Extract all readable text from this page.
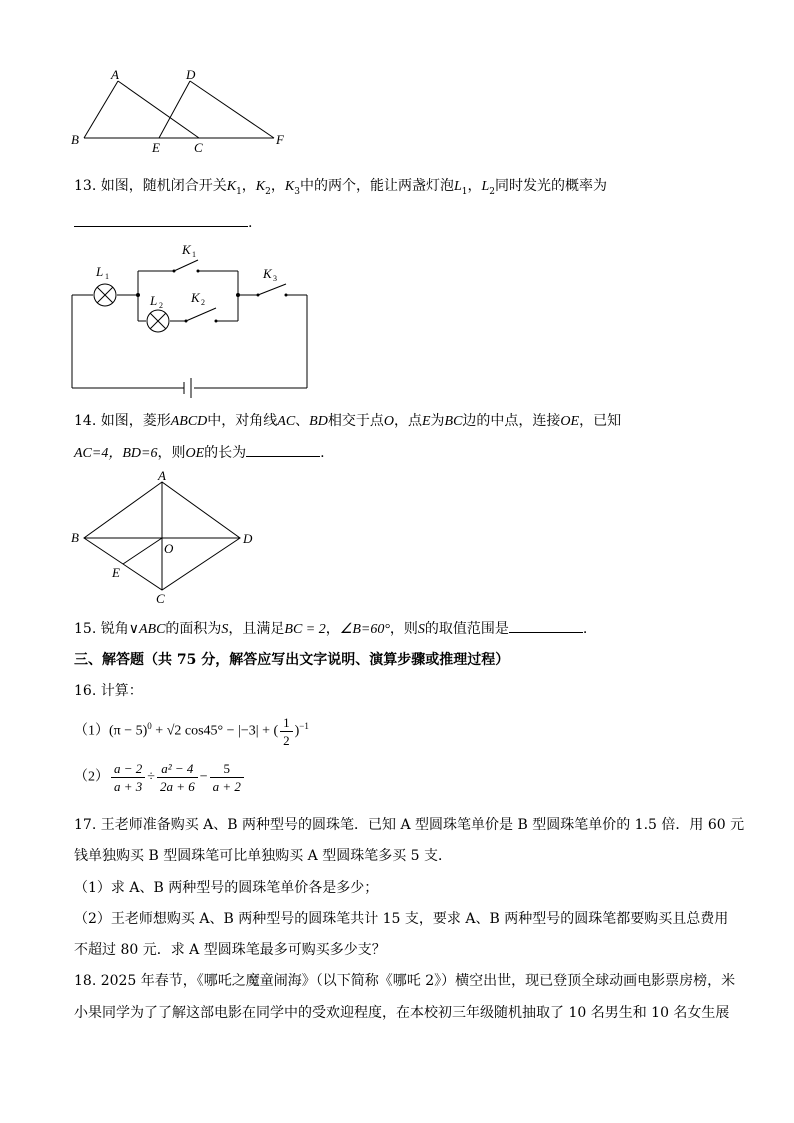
A	D
B
E	C
F
13. 如图，随机闭合开关$K_1$，$K_2$，$K_3$中的两个，能让两盏灯泡$L_1$，$L_2$同时发光的概率为
.
L 1
L 2
K 1
K 2
K 3
14. 如图，菱形ABCD中，对角线AC、BD相交于点O，点E为BC边的中点，连接OE，已知
AC=4，BD=6，则OE的长为	.
A
B	D
C
O
E
15. 锐角∨ABC的面积为S，且满足BC = 2，∠B=60°，则S的取值范围是	.
三、解答题（共 75 分，解答应写出文字说明、演算步骤或推理过程）
16. 计算：
$(1)(\pi - 5)^0 + √2$ cos45° − |−3| + ( $\frac{1}{2} )^{-1}$
$(2) \frac{a - 2}{a + 3} \div \frac{\text{a² − 4}}{2a + 6} - \frac{5}{a + 2}$
17. 王老师准备购买 A、B 两种型号的圆珠笔．已知 A 型圆珠笔单价是 B 型圆珠笔单价的 1.5 倍．用 60 元
钱单独购买 B 型圆珠笔可比单独购买 A 型圆珠笔多买 5 支．
（1）求 A、B 两种型号的圆珠笔单价各是多少；
（2）王老师想购买 A、B 两种型号的圆珠笔共计 15 支，要求 A、B 两种型号的圆珠笔都要购买且总费用
不超过 80 元．求 A 型圆珠笔最多可购买多少支？
18. 2025 年春节，《哪吒之魔童闹海》（以下简称《哪吒 2》）横空出世，现已登顶全球动画电影票房榜，米
小果同学为了了解这部电影在同学中的受欢迎程度，在本校初三年级随机抽取了 10 名男生和 10 名女生展
